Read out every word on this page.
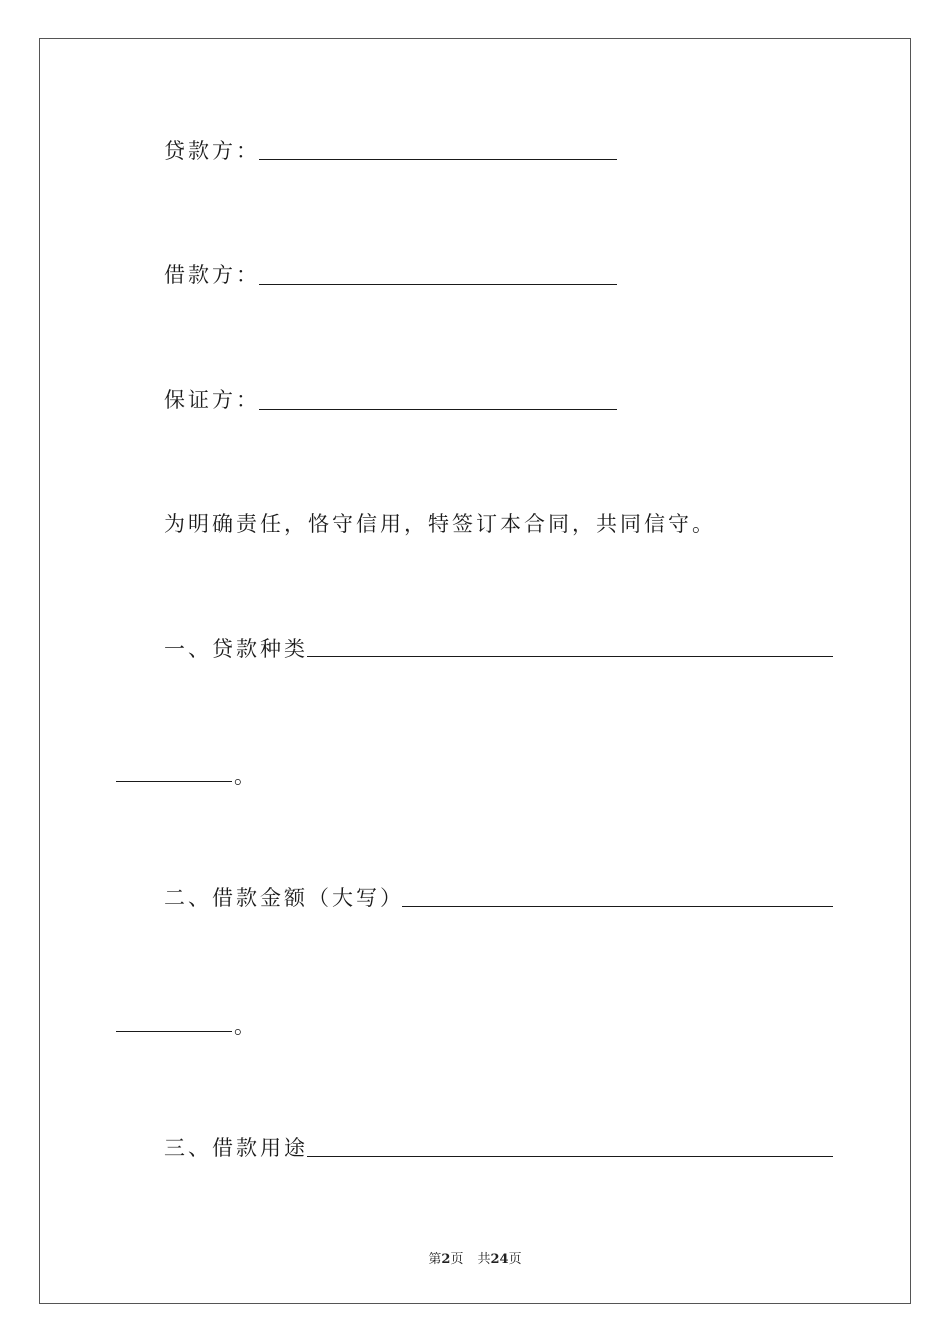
贷款方：
借款方：
保证方：
为明确责任，恪守信用，特签订本合同，共同信守。
一、贷款种类
。
二、借款金额（大写）
。
三、借款用途
第2页 共24页
